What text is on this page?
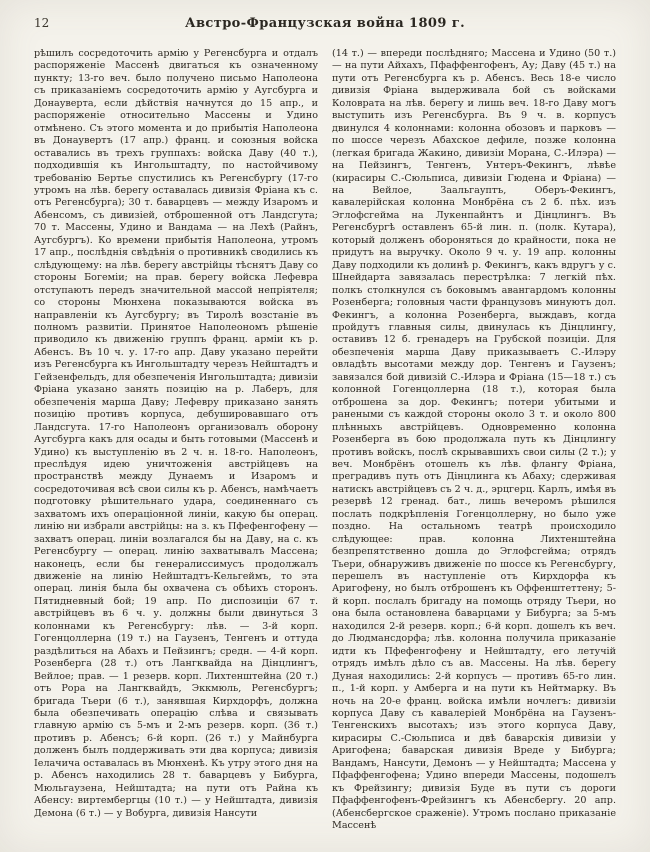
12	Австро-Французская война 1809 г.
рѣшилъ сосредоточить армію у Регенсбурга и отдалъ распоряженіе Массенѣ двигаться къ означенному пункту; 13-го веч. было получено письмо Наполеона съ приказаніемъ сосредоточить армію у Аугсбурга и Донауверта, если дѣйствія начнутся до 15 апр., и распоряженіе относительно Массены и Удино отмѣнено. Съ этого момента и до прибытія Наполеона въ Донаувертъ (17 апр.) франц. и союзныя войска оставались въ трехъ группахъ: войска Даву (40 т.), подходившія къ Ингольштадту, по настойчивому требованію Бертье спустились къ Регенсбургу (17-го утромъ на лѣв. берегу оставалась дивизія Фріана къ с. отъ Регенсбурга); 30 т. баварцевъ — между Изаромъ и Абенсомъ, съ дивизіей, отброшенной отъ Ландсгута; 70 т. Массены, Удино и Вандама — на Лехѣ (Райнъ, Аугсбургъ). Ко времени прибытія Наполеона, утромъ 17 апр., послѣднія свѣдѣнія о противникѣ сводились къ слѣдующему: на лѣв. берегу австрійцы тѣснятъ Даву со стороны Богеміи; на прав. берегу войска Лефевра отступаютъ передъ значительной массой непріятеля; со стороны Мюнхена показываются войска въ направленіи къ Аугсбургу; въ Тиролѣ возстаніе въ полномъ развитіи. Принятое Наполеономъ рѣшеніе приводило къ движенію группъ франц. арміи къ р. Абенсъ. Въ 10 ч. у. 17-го апр. Даву указано перейти изъ Регенсбурга къ Ингольштадту черезъ Нейштадтъ и Гейзенфельдъ, для обезпеченія Ингольштадта; дивизіи Фріана указано занять позицію на р. Лаберъ, для обезпеченія марша Даву; Лефевру приказано занять позицію противъ корпуса, дебушировавшаго отъ Ландсгута. 17-го Наполеонъ организовалъ оборону Аугсбурга какъ для осады и быть готовыми (Массенѣ и Удино) къ выступленію въ 2 ч. н. 18-го. Наполеонъ, преслѣдуя идею уничтоженія австрійцевъ на пространствѣ между Дунаемъ и Изаромъ и сосредоточивая всѣ свои силы къ р. Абенсъ, намѣчаетъ подготовку рѣшительнаго удара, соединеннаго съ захватомъ ихъ операціонной линіи, какую бы операц. линію ни избрали австрійцы: на з. къ Пфефенгофену — захватъ операц. линіи возлагался бы на Даву, на с. къ Регенсбургу — операц. линію захватывалъ Массена; наконецъ, если бы генералиссимусъ продолжалъ движеніе на линію Нейштадтъ-Кельгеймъ, то эта операц. линія была бы охвачена съ обѣихъ сторонъ. Пятидневный бой; 19 апр. По диспозиціи 67 т. австрійцевъ въ 6 ч. у. должны были двинуться 3 колоннами къ Регенсбургу: лѣв. — 3-й корп. Гогенцоллерна (19 т.) на Гаузенъ, Тенгенъ и оттуда раздѣлиться на Абахъ и Пейзингъ; средн. — 4-й корп. Розенберга (28 т.) отъ Лангквайда на Дінцлингъ, Вейлое; прав. — 1 резерв. корп. Лихтенштейна (20 т.) отъ Рора на Лангквайдъ, Эккмюль, Регенсбургъ; бригада Тьери (6 т.), занявшая Кирхдорфъ, должна была обезпечивать операцію слѣва и связывать главную армію съ 5-мъ и 2-мъ резерв. корп. (36 т.) противъ р. Абенсъ; 6-й корп. (26 т.) у Майнбурга долженъ былъ поддерживать эти два корпуса; дивизія Іелачича оставалась въ Мюнхенѣ. Къ утру этого дня на р. Абенсъ находились 28 т. баварцевъ у Бибурга, Мюльгаузена, Нейштадта; на пути отъ Райна къ Абенсу: виртембергцы (10 т.) — у Нейштадта, дивизія Демона (6 т.) — у Вобурга, дивизія Нансути
(14 т.) — впереди послѣдняго; Массена и Удино (50 т.) — на пути Айхахъ, Пфаффенгофенъ, Ау; Даву (45 т.) на пути отъ Регенсбурга къ р. Абенсъ. Весь 18-е число дивизія Фріана выдерживала бой съ войсками Коловрата на лѣв. берегу и лишь веч. 18-го Даву могъ выступить изъ Регенсбурга. Въ 9 ч. в. корпусъ двинулся 4 колоннами: колонна обозовъ и парковъ — по шоссе черезъ Абахское дефиле, позже колонна (легкая бригада Жакино, дивизіи Морана, С.-Илэра) — на Пейзингъ, Тенгенъ, Унтеръ-Фекингъ, лѣвѣе (кирасиры С.-Сюльписа, дивизіи Гюдена и Фріана) — на Вейлое, Заальгауптъ, Оберъ-Фекингъ, кавалерійская колонна Монбрёна съ 2 б. пѣх. изъ Эглофсгейма на Лукенпайнтъ и Дінцлингъ. Въ Регенсбургѣ оставленъ 65-й лин. п. (полк. Кутара), который долженъ обороняться до крайности, пока не придутъ на выручку. Около 9 ч. у. 19 апр. колонны Даву подходили къ долинѣ р. Фекингъ, какъ вдругъ у с. Шнейдарта завязалась перестрѣлка: 7 легкій пѣх. полкъ столкнулся съ боковымъ авангардомъ колонны Розенберга; головныя части французовъ минуютъ дол. Фекингъ, а колонна Розенберга, выждавъ, когда пройдутъ главныя силы, двинулась къ Дінцлингу, оставивъ 12 б. гренадеръ на Грубской позиціи. Для обезпеченія марша Даву приказываетъ С.-Илэру овладѣть высотами между дор. Тенгенъ и Гаузенъ; завязался бой дивизій С.-Илэра и Фріана (15—18 т.) съ колонной Гогенцоллерна (18 т.), которая была отброшена за дор. Фекингъ; потери убитыми и ранеными съ каждой стороны около 3 т. и около 800 плѣнныхъ австрійцевъ. Одновременно колонна Розенберга въ бою продолжала путь къ Дінцлингу противъ войскъ, послѣ скрывавшихъ свои силы (2 т.); у веч. Монбрёнъ отошелъ къ лѣв. флангу Фріана, преградивъ путь отъ Дінцлинга къ Абаху; сдерживая натискъ австрійцевъ съ 2 ч. д., эрцгерц. Карлъ, имѣя въ резервѣ 12 гренад. бат., лишь вечеромъ рѣшился послать подкрѣпленія Гогенцоллерну, но было уже поздно. На остальномъ театрѣ происходило слѣдующее: прав. колонна Лихтенштейна безпрепятственно дошла до Эглофсгейма; отрядъ Тьери, обнаруживъ движеніе по шоссе къ Регенсбургу, перешелъ въ наступленіе отъ Кирхдорфа къ Аригофену, но былъ отброшенъ къ Оффенштеттену; 5-й корп. послалъ бригаду на помощь отряду Тьери, но она была остановлена баварцами у Бибурга; за 5-мъ находился 2-й резерв. корп.; 6-й корп. дошелъ къ веч. до Людмансдорфа; лѣв. колонна получила приказаніе идти къ Пфефенгофену и Нейштадту, его летучій отрядъ имѣлъ дѣло съ ав. Массены. На лѣв. берегу Дуная находились: 2-й корпусъ — противъ 65-го лин. п., 1-й корп. у Амберга и на пути къ Нейтмарку. Въ ночь на 20-е франц. войска имѣли ночлегъ: дивизіи корпуса Даву съ кавалеріей Монбрёна на Гаузенъ-Тенгенскихъ высотахъ; изъ этого корпуса Даву, кирасиры С.-Сюльписа и двѣ баварскія дивизіи у Аригофена; баварская дивизія Вреде у Бибурга; Вандамъ, Нансути, Демонъ — у Нейштадта; Массена у Пфаффенгофена; Удино впереди Массены, подошелъ къ Фрейзингу; дивизія Буде въ пути съ дороги Пфаффенгофенъ-Фрейзингъ къ Абенсбергу. 20 апр. (Абенсбергское сраженіе). Утромъ послано приказаніе Массенѣ
